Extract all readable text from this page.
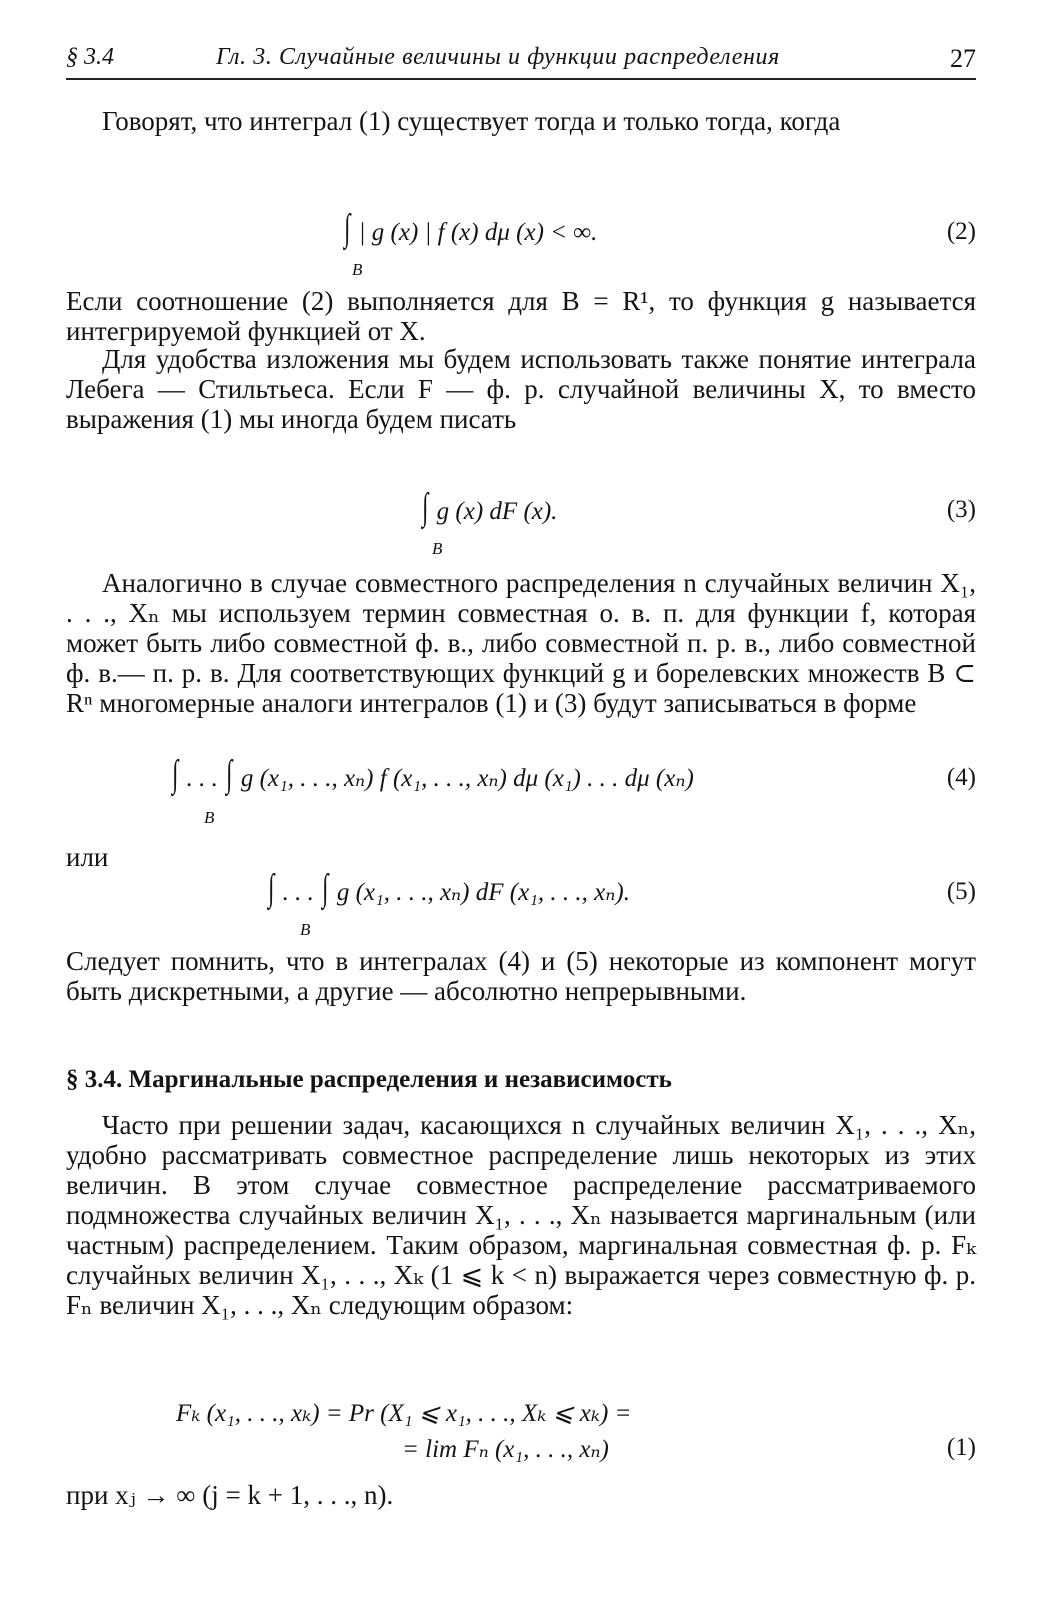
§ 3.4	Гл. 3. Случайные величины и функции распределения	27
Говорят, что интеграл (1) существует тогда и только тогда, когда
∫ | g (x) | f (x) dμ (x) < ∞.
B
(2)
Если соотношение (2) выполняется для B = R¹, то функция g называется интегрируемой функцией от X.
Для удобства изложения мы будем использовать также понятие интеграла Лебега — Стильтьеса. Если F — ф. р. случайной величины X, то вместо выражения (1) мы иногда будем писать
∫ g (x) dF (x).
B
(3)
Аналогично в случае совместного распределения n случайных величин X₁, . . ., Xₙ мы используем термин совместная о. в. п. для функции f, которая может быть либо совместной ф. в., либо совместной п. р. в., либо совместной ф. в.— п. р. в. Для соответствующих функций g и борелевских множеств B ⊂ Rⁿ многомерные аналоги интегралов (1) и (3) будут записываться в форме
∫ . . . ∫ g (x₁, . . ., xₙ) f (x₁, . . ., xₙ) dμ (x₁) . . . dμ (xₙ)
B
(4)
или
∫ . . . ∫ g (x₁, . . ., xₙ) dF (x₁, . . ., xₙ).
B
(5)
Следует помнить, что в интегралах (4) и (5) некоторые из компонент могут быть дискретными, а другие — абсолютно непрерывными.
§ 3.4. Маргинальные распределения и независимость
Часто при решении задач, касающихся n случайных величин X₁, . . ., Xₙ, удобно рассматривать совместное распределение лишь некоторых из этих величин. В этом случае совместное распределение рассматриваемого подмножества случайных величин X₁, . . ., Xₙ называется маргинальным (или частным) распределением. Таким образом, маргинальная совместная ф. р. Fₖ случайных величин X₁, . . ., Xₖ (1 ⩽ k < n) выражается через совместную ф. р. Fₙ величин X₁, . . ., Xₙ следующим образом:
Fₖ (x₁, . . ., xₖ) = Pr (X₁ ⩽ x₁, . . ., Xₖ ⩽ xₖ) =
= lim Fₙ (x₁, . . ., xₙ)	(1)
при xⱼ → ∞ (j = k + 1, . . ., n).
